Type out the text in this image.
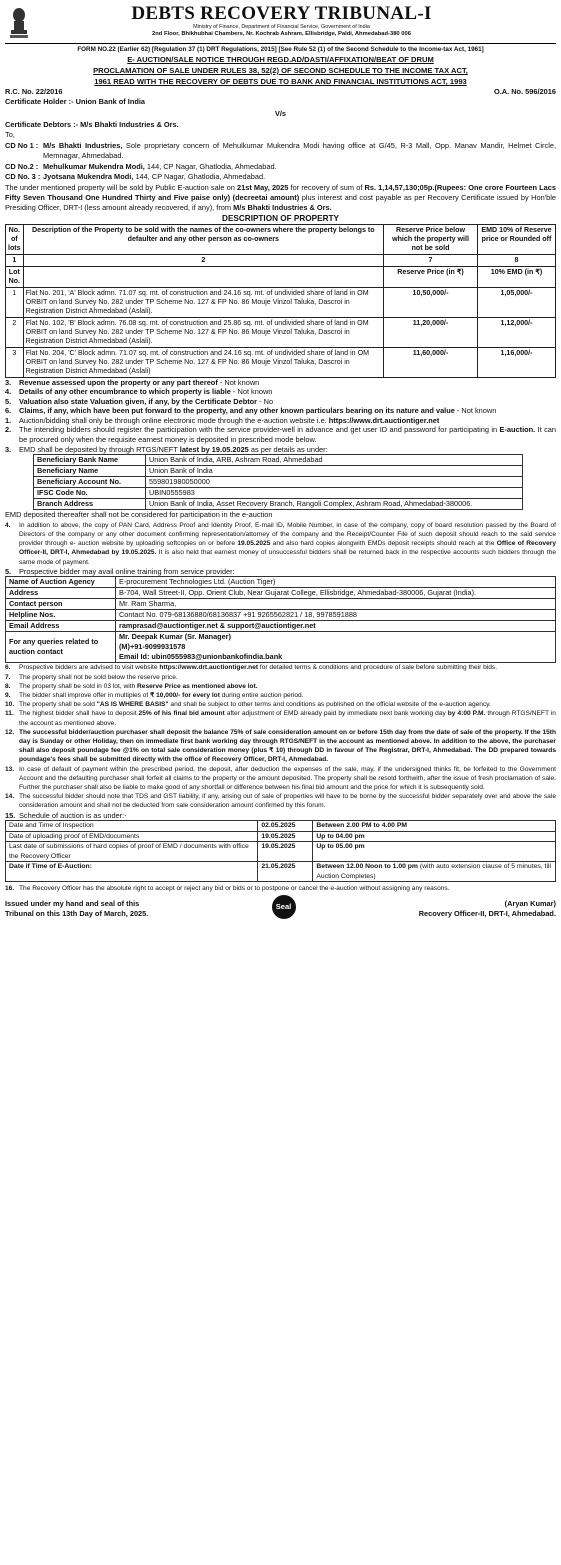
DEBTS RECOVERY TRIBUNAL-I
Ministry of Finance, Department of Financial Service, Government of India
2nd Floor, Bhikhubhai Chambers, Nr. Kochrab Ashram, Ellisbridge, Paldi, Ahmedabad-380 006
FORM NO.22 (Earlier 62) [Regulation 37 (1) DRT Regulations, 2015] [See Rule 52 (1) of the Second Schedule to the Income-tax Act, 1961]
E- AUCTION/SALE NOTICE THROUGH REGD.AD/DASTI/AFFIXATION/BEAT OF DRUM
PROCLAMATION OF SALE UNDER RULES 38, 52(2) OF SECOND SCHEDULE TO THE INCOME TAX ACT,
1961 READ WITH THE RECOVERY OF DEBTS DUE TO BANK AND FINANCIAL INSTITUTIONS ACT, 1993
R.C. No. 22/2016	O.A. No. 596/2016
Certificate Holder :- Union Bank of India
V/s
Certificate Debtors :- M/s Bhakti Industries & Ors.
To,
CD No 1 : M/s Bhakti Industries, Sole proprietary concern of Mehulkumar Mukendra Modi having office at G/45, R-3 Mall, Opp. Manav Mandir, Helmet Circle, Memnagar, Ahmedabad.
CD No.2 : Mehulkumar Mukendra Modi, 144, CP Nagar, Ghatlodia, Ahmedabad.
CD No. 3 : Jyotsana Mukendra Modi, 144, CP Nagar, Ghatlodia, Ahmedabad.
The under mentioned property will be sold by Public E-auction sale on 21st May, 2025 for recovery of sum of Rs. 1,14,57,130;05p.(Rupees: One crore Fourteen Lacs Fifty Seven Thousand One Hundred Thirty and Five paise only) (decreetai amount) plus interest and cost payable as per Recovery Certificate issued by Hon'ble Presiding Officer, DRT-I (less amount already recovered, if any), from M/s Bhakti Industries & Ors.
DESCRIPTION OF PROPERTY
No. of lots	Description of the Property to be sold with the names of the co-owners where the property belongs to defaulter and any other person as co-owners	Reserve Price below which the property will not be sold	EMD 10% of Reserve price or Rounded off
1	2	7	8
Lot No.		Reserve Price (in ₹)	10% EMD (in ₹)
1	Flat No. 201, 'A' Block admn. 71.07 sq. mt. of construction and 24.16 sq. mt. of undivided share of land in OM ORBIT on land Survey No. 282 under TP Scheme No. 127 & FP No. 86 Mouje Vinzol Taluka, Dascroi in Registration District Ahmedabad (Aslali).	10,50,000/-	1,05,000/-
2	Flat No. 102, 'B' Block admn. 76.08 sq. mt. of construction and 25.86 sq. mt. of undivided share of land in OM ORBIT on land Survey No. 282 under TP Scheme No. 127 & FP No. 86 Mouje Vinzol Taluka, Dascroi in Registration District Ahmedabad (Aslali).	11,20,000/-	1,12,000/-
3	Flat No. 204, 'C' Block admn. 71.07 sq. mt. of construction and 24.16 sq. mt. of undivided share of land in OM ORBIT on land Survey No. 282 under TP Scheme No. 127 & FP No. 86 Mouje Vinzol Taluka, Dascroi in Registration District Ahmedabad (Aslali)	11,60,000/-	1,16,000/-
3.	Revenue assessed upon the property or any part thereof - Not known
4.	Details of any other encumbrance to which property is liable - Not known
5.	Valuation also state Valuation given, if any, by the Certificate Debtor - No
6.	Claims, if any, which have been put forward to the property, and any other known particulars bearing on its nature and value - Not known
1.	Auction/bidding shall only be through online electronic mode through the e-auction website i.e. https://www.drt.auctiontiger.net
2.	The intending bidders should register the participation with the service provider-well in advance and get user ID and password for participating in E-auction. It can be procured only when the requisite earnest money is deposited in prescribed mode below.
3.	EMD shall be deposited by through RTGS/NEFT latest by 19.05.2025 as per details as under:
Beneficiary Bank Name	Union Bank of India, ARB, Ashram Road, Ahmedabad
Beneficiary Name	Union Bank of India
Beneficiary Account No.	559801980050000
IFSC Code No.	UBIN0555983
Branch Address	Union Bank of India, Asset Recovery Branch, Rangoli Complex, Ashram Road, Ahmedabad-380006.
EMD deposited thereafter shall not be considered for participation in the e-auction
4.	In addition to above, the copy of PAN Card, Address Proof and Identity Proof, E-mail ID, Mobile Number, in case of the company, copy of board resolution passed by the Board of Directors of the company or any other document confirming representation/attorney of the company and the Receipt/Counter File of such deposit should reach to the said service provider through e- auction website by uploading softcopies on or before 19.05.2025 and also hard copies alongwith EMDs deposit receipts should reach at the Office of Recovery Officer-II, DRT-I, Ahmedabad by 19.05.2025. It is also held that earnest money of unsuccessful bidders shall be returned back in the respective accounts such bidders through the same mode of payment.
5.	Prospective bidder may avail online training from service provider:
Name of Auction Agency	E-procurement Technologies Ltd. (Auction Tiger)
Address	B-704, Wall Street-II, Opp. Orient Club, Near Gujarat College, Ellisbridge, Ahmedabad-380006, Gujarat (India).
Contact person	Mr. Ram Sharma,
Helpline Nos.	Contact No. 079-68136880/68136837 +91 9265562821 / 18, 9978591888
Email Address	ramprasad@auctiontiger.net & support@auctiontiger.net
For any queries related to auction contact	Mr. Deepak Kumar (Sr. Manager)
(M)+91-9099931578
Email Id: ubin0555983@unionbankofindia.bank
6.	Prospective bidders are advised to visit website https://www.drt.auctiontiger.net for detailed terms & conditions and procedure of sale before submitting their bids.
7.	The property shall not be sold below the reserve price.
8.	The property shall be sold in 03 lot, with Reserve Price as mentioned above lot.
9.	The bidder shall improve offer in multiples of ₹ 10,000/- for every lot during entire auction period.
10. The property shall be sold "AS IS WHERE BASIS" and shall be subject to other terms and conditions as published on the official website of the e-auction agency.
11. The highest bidder shall have to deposit 25% of his final bid amount after adjustment of EMD already paid by immediate next bank working day by 4:00 P.M. through RTGS/NEFT in the account as mentioned above.
12. The successful bidder/auction purchaser shall deposit the balance 75% of sale consideration amount on or before 15th day from the date of sale of the property. If the 15th day is Sunday or other Holiday, then on immediate first bank working day through RTGS/NEFT in the account as mentioned above. In addition to the above, the purchaser shall also deposit poundage fee @1% on total sale consideration money (plus ₹ 10) through DD in favour of The Registrar, DRT-I, Ahmedabad. The DD prepared towards poundage's fees shall be submitted directly with the office of Recovery Officer, DRT-I, Ahmedabad.
13. In case of default of payment within the prescribed period, the deposit, after deduction the expenses of the sale, may, if the undersigned thinks fit, be forfeited to the Government Account and the defaulting purchaser shall forfeit all claims to the property or the amount deposited. The property shall be resold forthwith, after the issue of fresh proclamation of sale. Further the purchaser shall also be liable to make good of any shortfall or difference between his final bid amount and the price for which it is subsequently sold.
14. The successful bidder should note that TDS and GST liability, if any, arising out of sale of properties will have to be borne by the successful bidder separately over and above the sale consideration amount and shall not be deducted from sale consideration amount confirmed by this forum.
15. Schedule of auction is as under:-
Date and Time of Inspection	02.05.2025	Between 2.00 PM to 4.00 PM
Date of uploading proof of EMD/documents	19.05.2025	Up to 04.00 pm
Last date of submissions of hard copies of proof of EMD / documents with office the Recovery Officer	19.05.2025	Up to 05.00 pm
Date if Time of E-Auction:	21.05.2025	Between 12.00 Noon to 1.00 pm (with auto extension clause of 5 minutes, till Auction Completes)
16. The Recovery Officer has the absolute right to accept or reject any bid or bids or to postpone or cancel the e-auction without assigning any reasons.
Issued under my hand and seal of this
Tribunal on this 13th Day of March, 2025.
Seal	(Aryan Kumar)
Recovery Officer-II, DRT-I, Ahmedabad.
